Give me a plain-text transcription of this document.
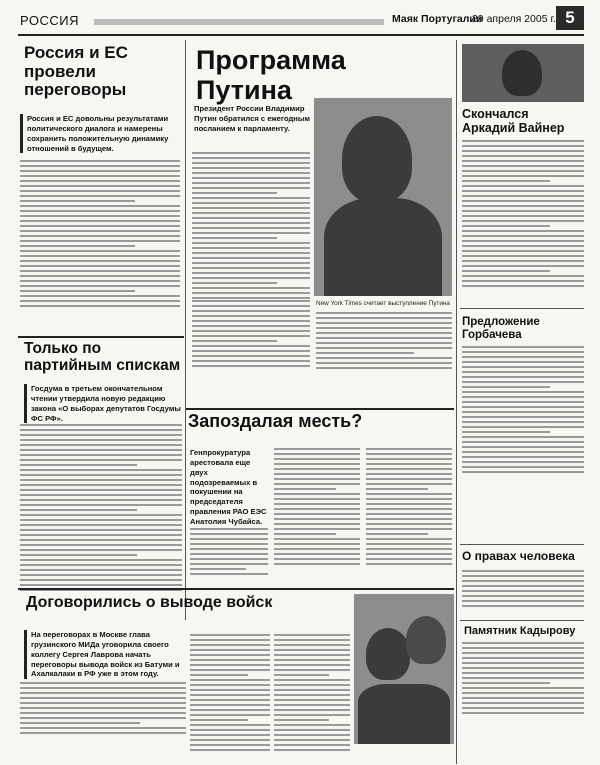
РОССИЯ	Маяк Португалии
29 апреля 2005 г. 5
Россия и ЕС провели переговоры
Россия и ЕС довольны результатами политического диалога и намерены сохранить положительную динамику отношений в будущем.
Программа Путина
Президент России Владимир Путин обратился с ежегодным посланием к парламенту.
New York Times считает выступление Путина
Скончался Аркадий Вайнер
Предложение Горбачева
О правах человека
Памятник Кадырову
Только по партийным спискам
Госдума в третьем окончательном чтении утвердила новую редакцию закона «О выборах депутатов Госдумы ФС РФ».	Запоздалая месть?
Генпрокуратура арестовала еще двух подозреваемых в покушении на председателя правления РАО ЕЭС Анатолия Чубайса.
Договорились о выводе войск
На переговорах в Москве глава грузинского МИДа уговорила своего коллегу Сергея Лаврова начать переговоры вывода войск из Батуми и Ахалкалаки в РФ уже в этом году.
